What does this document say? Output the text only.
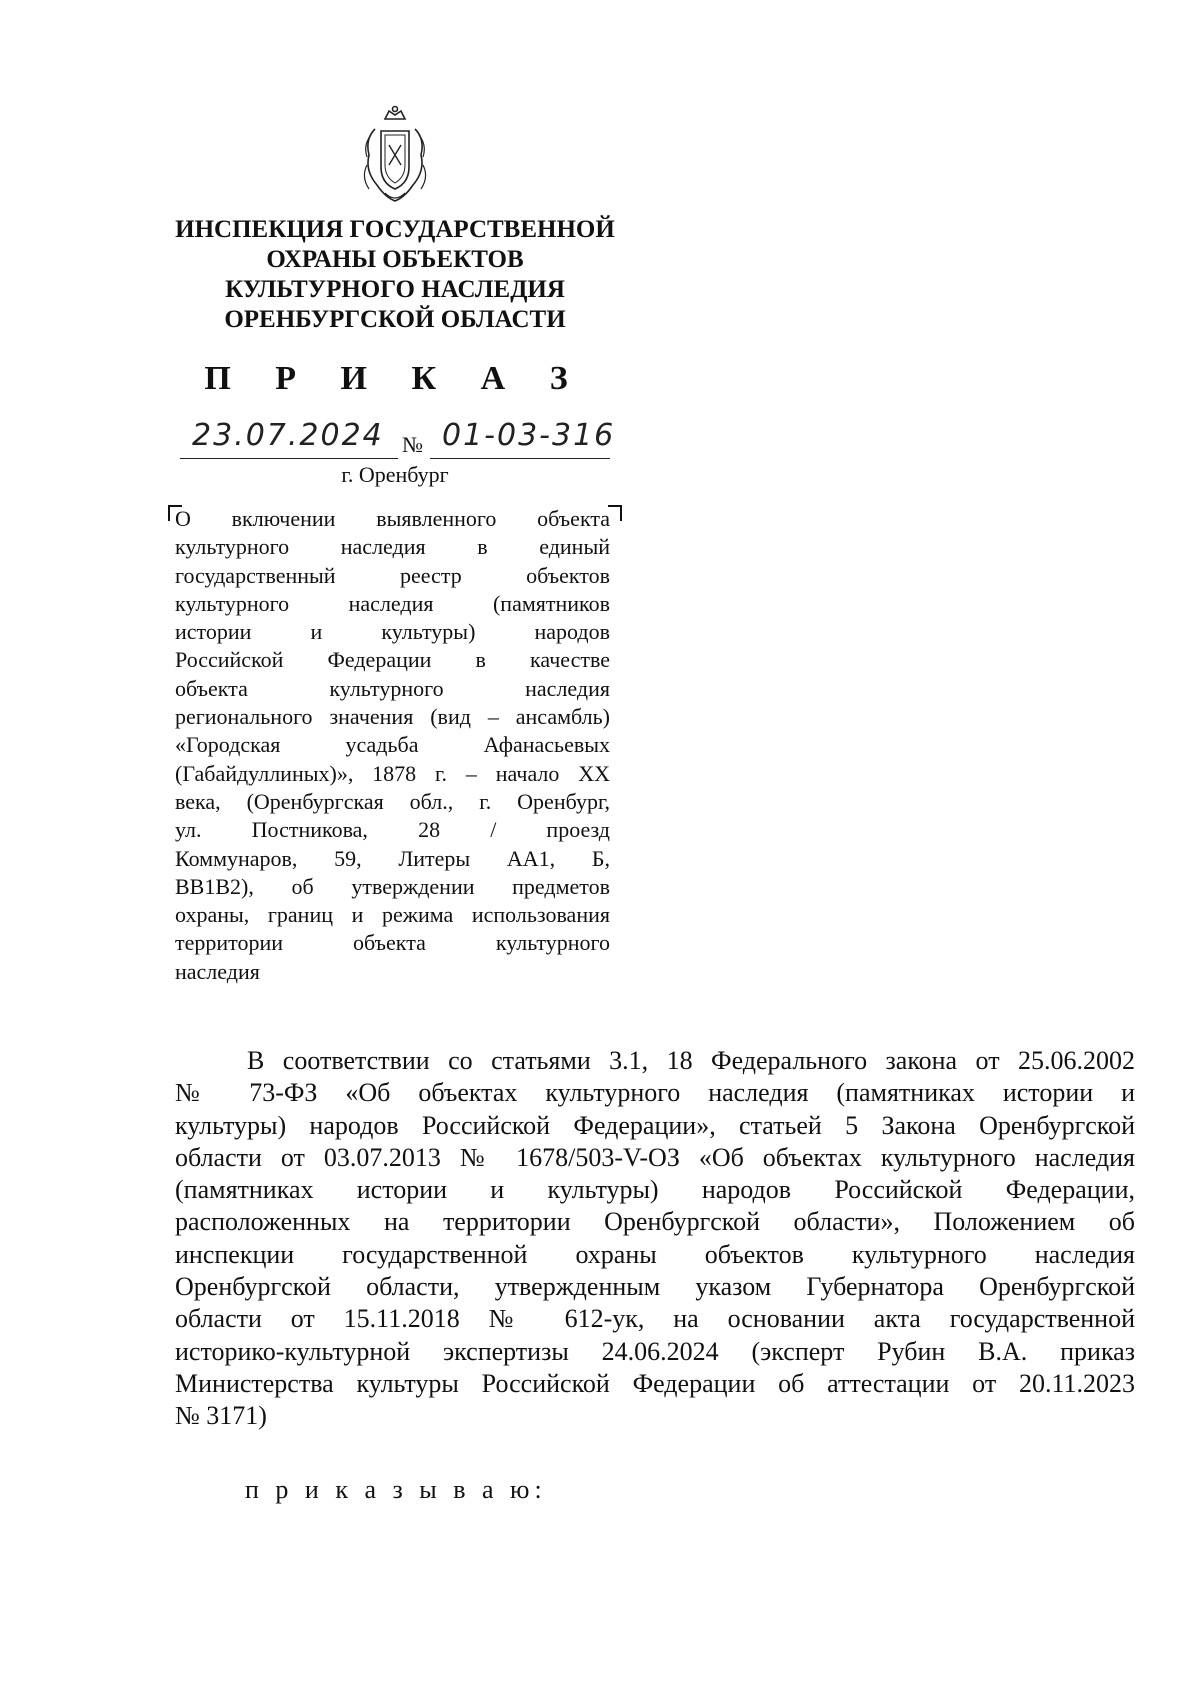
ИНСПЕКЦИЯ ГОСУДАРСТВЕННОЙ
ОХРАНЫ ОБЪЕКТОВ
КУЛЬТУРНОГО НАСЛЕДИЯ
ОРЕНБУРГСКОЙ ОБЛАСТИ
П Р И К А З
23.07.2024 № 01-03-316
г. Оренбург
О включении выявленного объекта
культурного наследия в единый
государственный реестр объектов
культурного наследия (памятников
истории и культуры) народов
Российской Федерации в качестве
объекта культурного наследия
регионального значения (вид – ансамбль)
«Городская усадьба Афанасьевых
(Габайдуллиных)», 1878 г. – начало ХХ
века, (Оренбургская обл., г. Оренбург,
ул. Постникова, 28 / проезд
Коммунаров, 59, Литеры АА1, Б,
ВВ1В2), об утверждении предметов
охраны, границ и режима использования
территории объекта культурного
наследия
В соответствии со статьями 3.1, 18 Федерального закона от 25.06.2002
№ 73-ФЗ «Об объектах культурного наследия (памятниках истории и
культуры) народов Российской Федерации», статьей 5 Закона Оренбургской
области от 03.07.2013 № 1678/503-V-ОЗ «Об объектах культурного наследия
(памятниках истории и культуры) народов Российской Федерации,
расположенных на территории Оренбургской области», Положением об
инспекции государственной охраны объектов культурного наследия
Оренбургской области, утвержденным указом Губернатора Оренбургской
области от 15.11.2018 № 612-ук, на основании акта государственной
историко-культурной экспертизы 24.06.2024 (эксперт Рубин В.А. приказ
Министерства культуры Российской Федерации об аттестации от 20.11.2023
№ 3171)
п р и к а з ы в а ю:
